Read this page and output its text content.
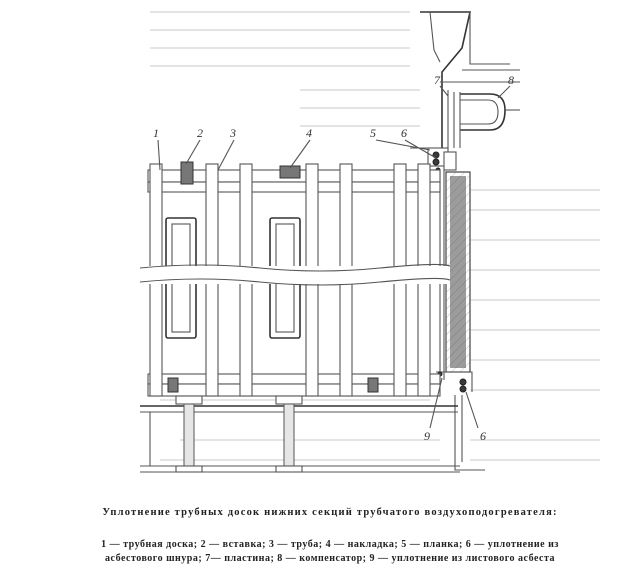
1	2 3	4	5 6
7	8
6
9
Уплотнение трубных досок нижних секций трубчатого воздухоподогревателя:
1 — трубная доска; 2 — вставка; 3 — труба; 4 — накладка; 5 — планка; 6 — уплотнение из асбестового шнура; 7— пластина; 8 — компенсатор; 9 — уплотнение из листового асбеста
